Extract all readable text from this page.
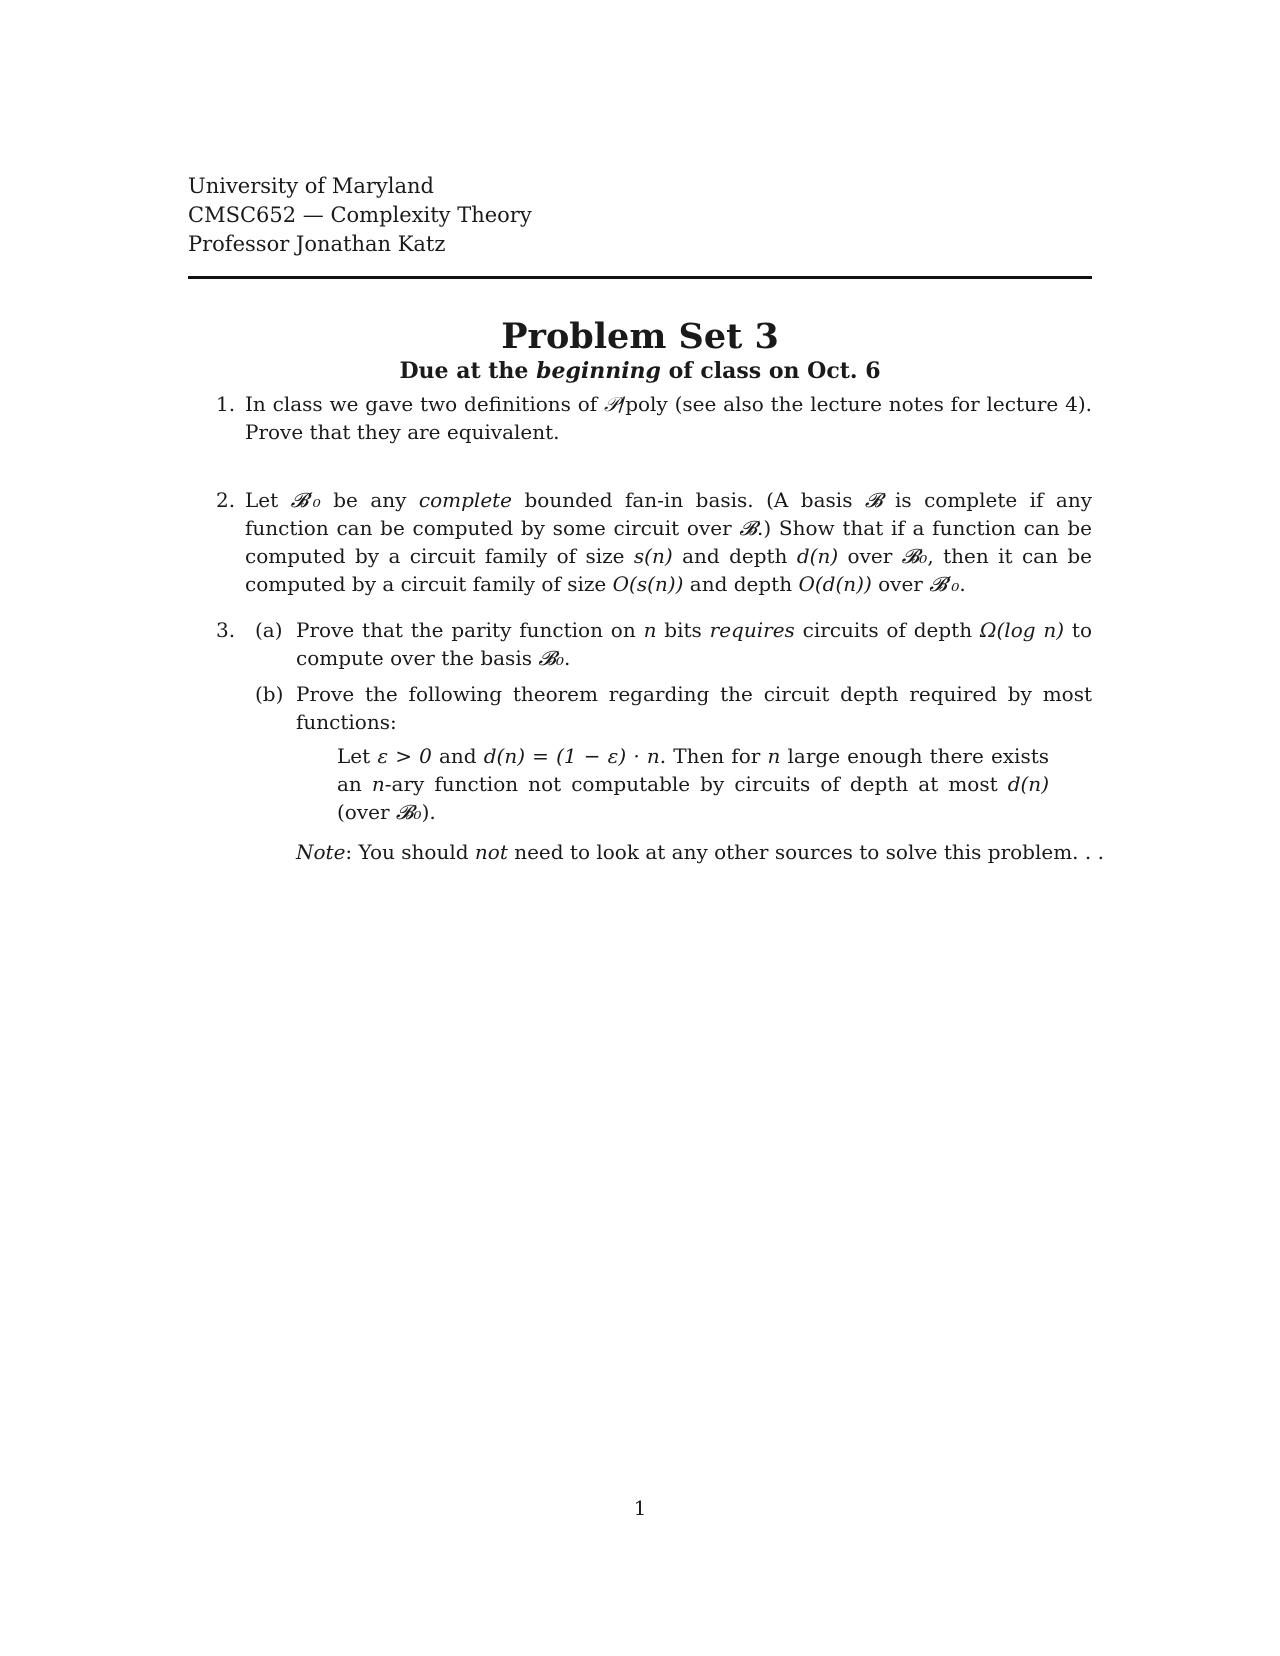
University of Maryland
CMSC652 — Complexity Theory
Professor Jonathan Katz
Problem Set 3
Due at the beginning of class on Oct. 6
1. In class we gave two definitions of 𝒫/poly (see also the lecture notes for lecture 4). Prove that they are equivalent.
2. Let 𝓑′₀ be any complete bounded fan-in basis. (A basis 𝓑 is complete if any function can be computed by some circuit over 𝓑.) Show that if a function can be computed by a circuit family of size s(n) and depth d(n) over 𝓑₀, then it can be computed by a circuit family of size O(s(n)) and depth O(d(n)) over 𝓑′₀.
3. (a) Prove that the parity function on n bits requires circuits of depth Ω(log n) to compute over the basis 𝓑₀.
(b) Prove the following theorem regarding the circuit depth required by most functions:
Let ε > 0 and d(n) = (1 − ε) · n. Then for n large enough there exists an n-ary function not computable by circuits of depth at most d(n) (over 𝓑₀).
Note: You should not need to look at any other sources to solve this problem. . .
1
